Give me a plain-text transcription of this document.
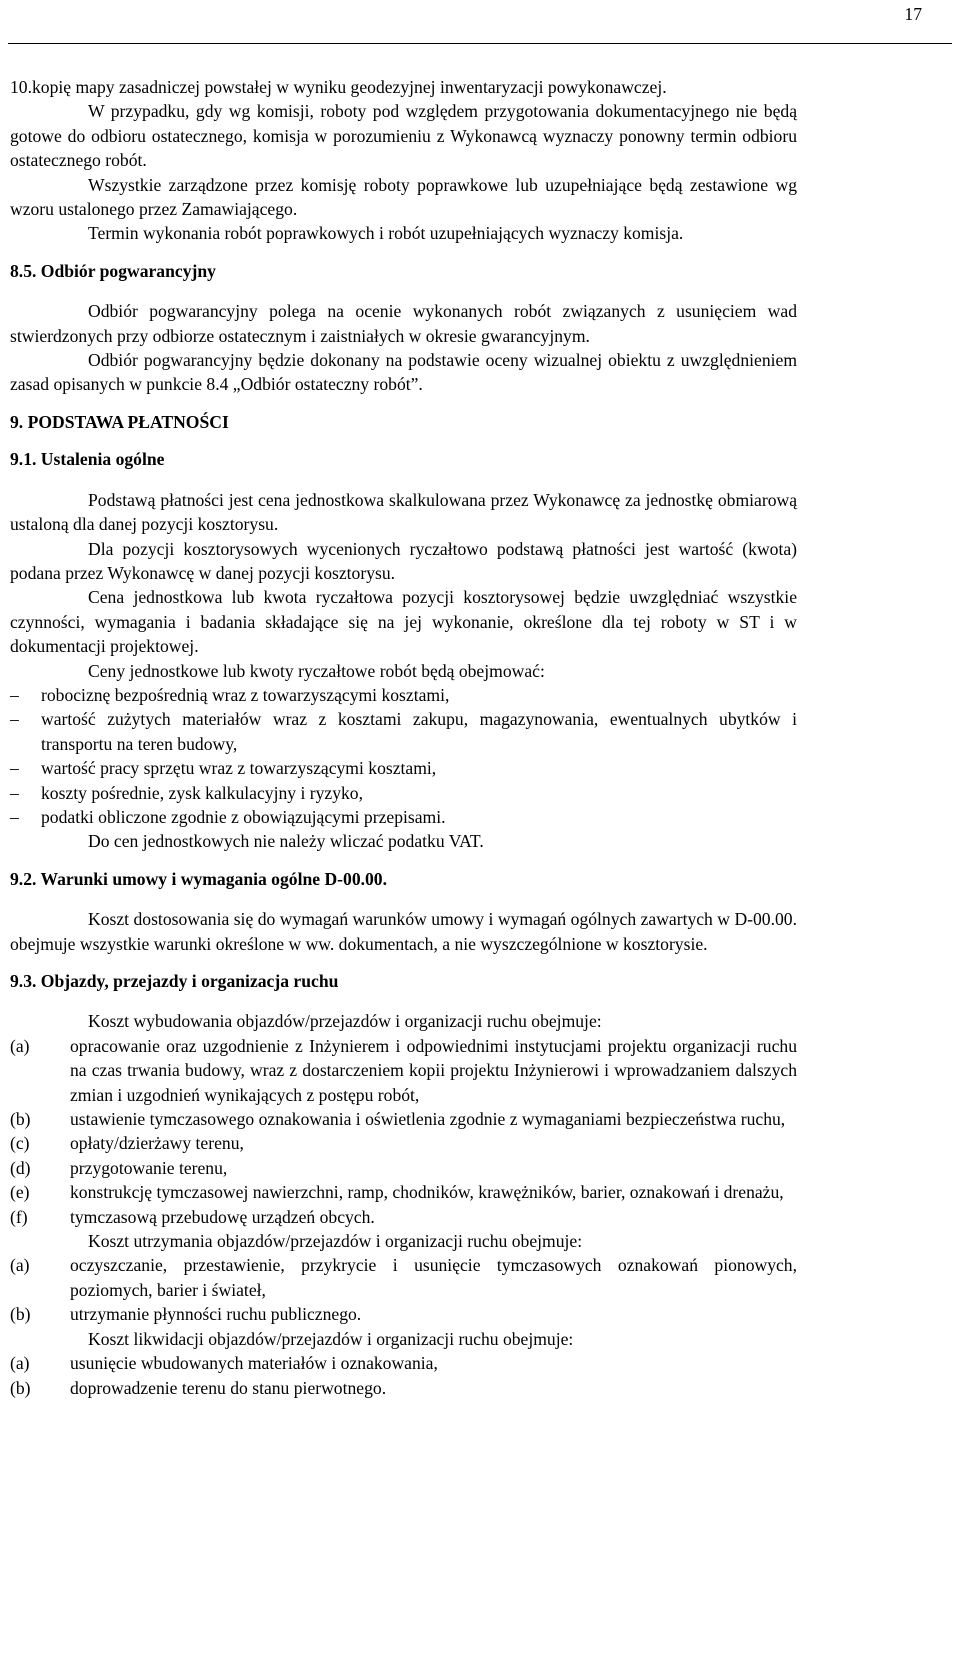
17

10.kopię mapy zasadniczej powstałej w wyniku geodezyjnej inwentaryzacji powykonawczej.

W przypadku, gdy wg komisji, roboty pod względem przygotowania dokumentacyjnego nie będą gotowe do odbioru ostatecznego, komisja w porozumieniu z Wykonawcą wyznaczy ponowny termin odbioru ostatecznego robót.

Wszystkie zarządzone przez komisję roboty poprawkowe lub uzupełniające będą zestawione wg wzoru ustalonego przez Zamawiającego.

Termin wykonania robót poprawkowych i robót uzupełniających wyznaczy komisja.

8.5. Odbiór pogwarancyjny

Odbiór pogwarancyjny polega na ocenie wykonanych robót związanych z usunięciem wad stwierdzonych przy odbiorze ostatecznym i zaistniałych w okresie gwarancyjnym.

Odbiór pogwarancyjny będzie dokonany na podstawie oceny wizualnej obiektu z uwzględnieniem zasad opisanych w punkcie 8.4 „Odbiór ostateczny robót”.

9. PODSTAWA PŁATNOŚCI
9.1. Ustalenia ogólne

Podstawą płatności jest cena jednostkowa skalkulowana przez Wykonawcę za jednostkę obmiarową ustaloną dla danej pozycji kosztorysu.

Dla pozycji kosztorysowych wycenionych ryczałtowo podstawą płatności jest wartość (kwota) podana przez Wykonawcę w danej pozycji kosztorysu.

Cena jednostkowa lub kwota ryczałtowa pozycji kosztorysowej będzie uwzględniać wszystkie czynności, wymagania i badania składające się na jej wykonanie, określone dla tej roboty w ST i w dokumentacji projektowej.

Ceny jednostkowe lub kwoty ryczałtowe robót będą obejmować:

– robociznę bezpośrednią wraz z towarzyszącymi kosztami,
– wartość zużytych materiałów wraz z kosztami zakupu, magazynowania, ewentualnych ubytków i transportu na teren budowy,
– wartość pracy sprzętu wraz z towarzyszącymi kosztami,
– koszty pośrednie, zysk kalkulacyjny i ryzyko,
– podatki obliczone zgodnie z obowiązującymi przepisami.

Do cen jednostkowych nie należy wliczać podatku VAT.

9.2. Warunki umowy i wymagania ogólne D-00.00.

Koszt dostosowania się do wymagań warunków umowy i wymagań ogólnych zawartych w D-00.00. obejmuje wszystkie warunki określone w ww. dokumentach, a nie wyszczególnione w kosztorysie.

9.3. Objazdy, przejazdy i organizacja ruchu

Koszt wybudowania objazdów/przejazdów i organizacji ruchu obejmuje:

(a) opracowanie oraz uzgodnienie z Inżynierem i odpowiednimi instytucjami projektu organizacji ruchu na czas trwania budowy, wraz z dostarczeniem kopii projektu Inżynierowi i wprowadzaniem dalszych zmian i uzgodnień wynikających z postępu robót,
(b) ustawienie tymczasowego oznakowania i oświetlenia zgodnie z wymaganiami bezpieczeństwa ruchu,
(c) opłaty/dzierżawy terenu,
(d) przygotowanie terenu,
(e) konstrukcję tymczasowej nawierzchni, ramp, chodników, krawężników, barier, oznakowań i drenażu,
(f) tymczasową przebudowę urządzeń obcych.

Koszt utrzymania objazdów/przejazdów i organizacji ruchu obejmuje:

(a) oczyszczanie, przestawienie, przykrycie i usunięcie tymczasowych oznakowań pionowych, poziomych, barier i świateł,
(b) utrzymanie płynności ruchu publicznego.

Koszt likwidacji objazdów/przejazdów i organizacji ruchu obejmuje:

(a) usunięcie wbudowanych materiałów i oznakowania,
(b) doprowadzenie terenu do stanu pierwotnego.
